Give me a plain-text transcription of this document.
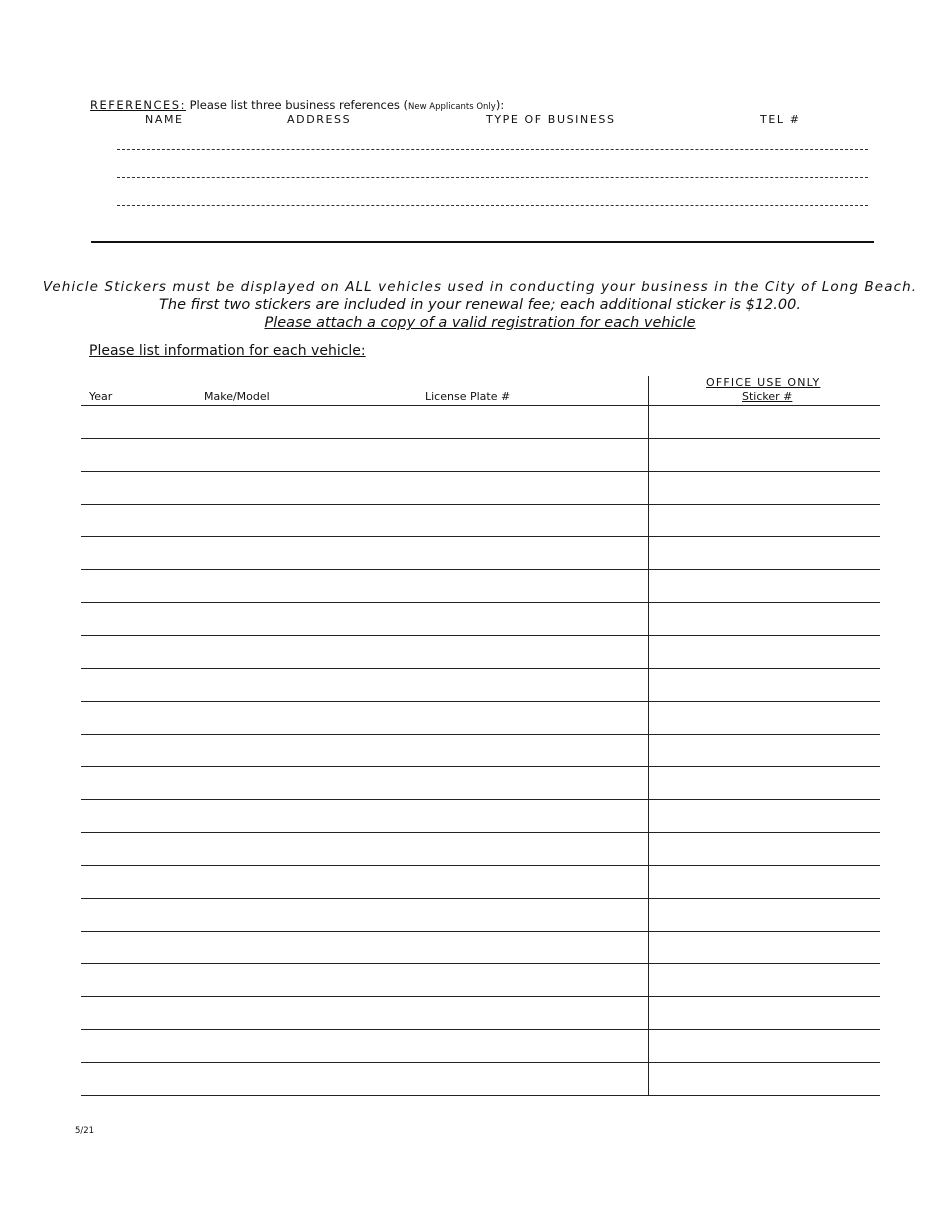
REFERENCES: Please list three business references (New Applicants Only):
NAME	ADDRESS	TYPE OF BUSINESS	TEL #
Vehicle Stickers must be displayed on ALL vehicles used in conducting your business in the City of Long Beach.
The first two stickers are included in your renewal fee; each additional sticker is $12.00.
Please attach a copy of a valid registration for each vehicle
Please list information for each vehicle:
Year	Make/Model	License Plate #
OFFICE USE ONLY
Sticker #
5/21
